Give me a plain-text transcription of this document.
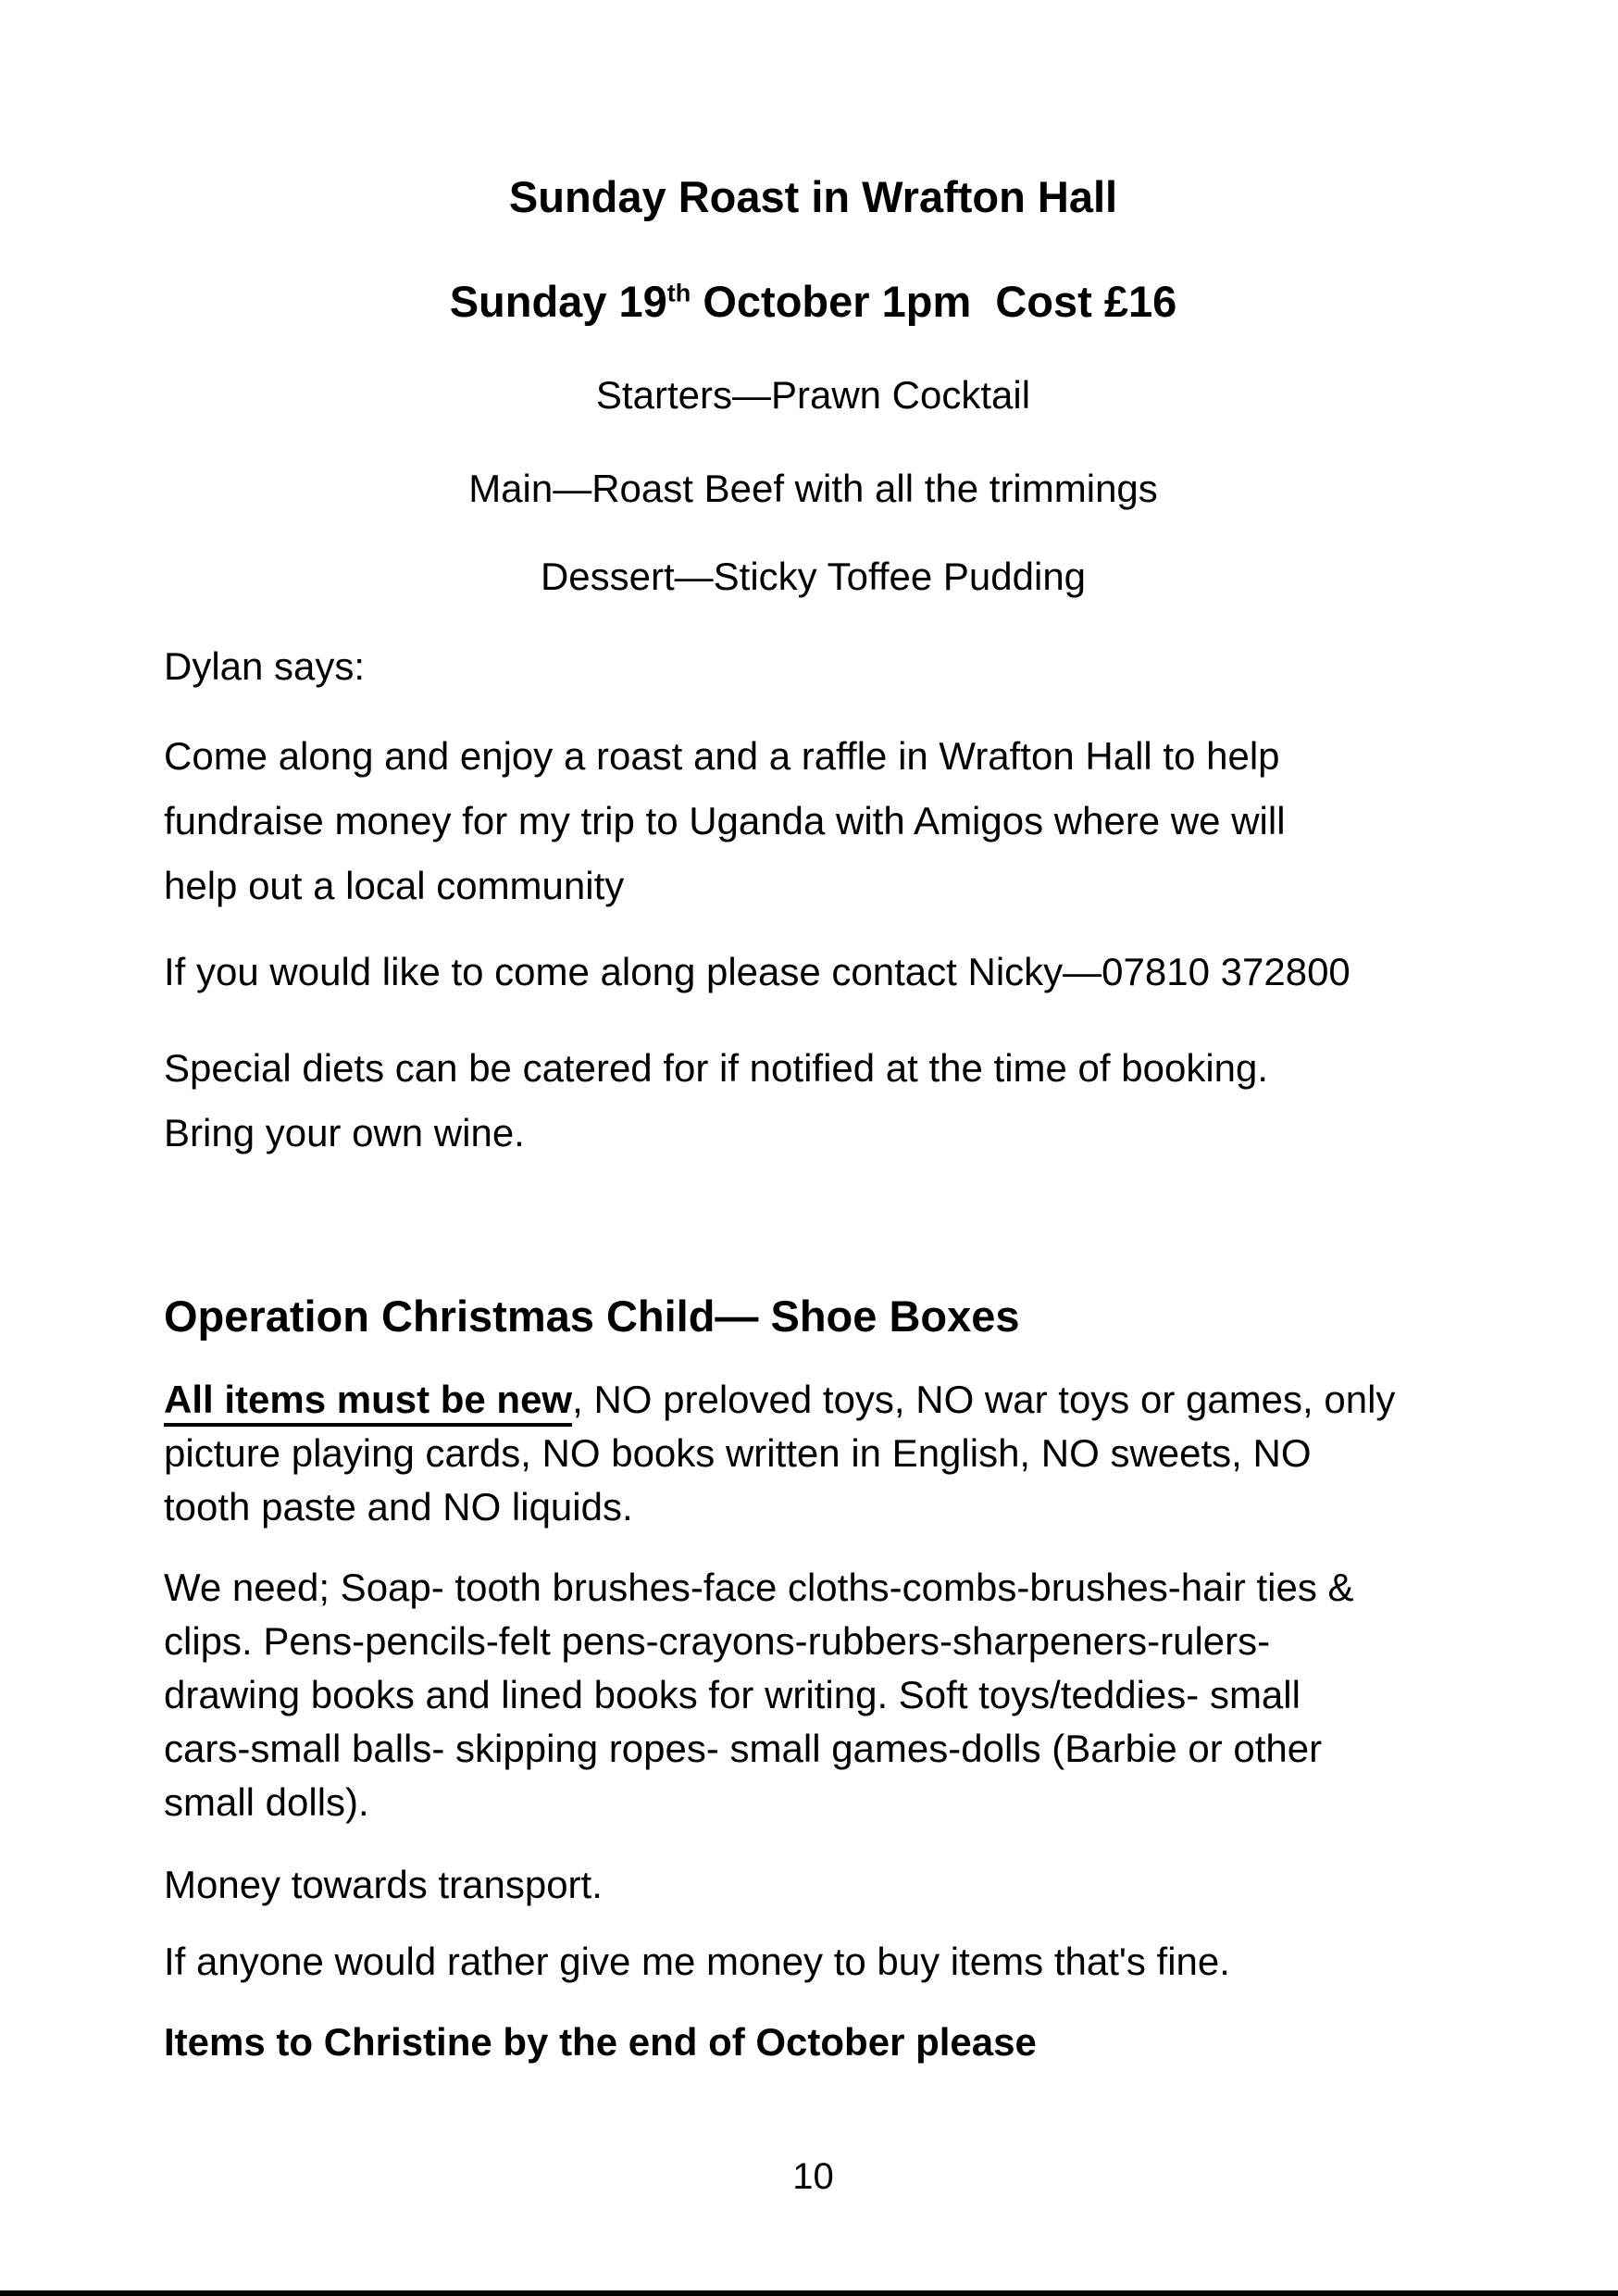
Sunday Roast in Wrafton Hall
Sunday 19th October 1pm  Cost £16
Starters—Prawn Cocktail
Main—Roast Beef with all the trimmings
Dessert—Sticky Toffee Pudding
Dylan says:
Come along and enjoy a roast and a raffle in Wrafton Hall to help
fundraise money for my trip to Uganda with Amigos where we will
help out a local community
If you would like to come along please contact Nicky—07810 372800
Special diets can be catered for if notified at the time of booking.
Bring your own wine.
Operation Christmas Child— Shoe Boxes
All items must be new, NO preloved toys, NO war toys or games, only
picture playing cards, NO books written in English, NO sweets, NO
tooth paste and NO liquids.
We need; Soap- tooth brushes-face cloths-combs-brushes-hair ties &
clips. Pens-pencils-felt pens-crayons-rubbers-sharpeners-rulers-
drawing books and lined books for writing. Soft toys/teddies- small
cars-small balls- skipping ropes- small games-dolls (Barbie or other
small dolls).
Money towards transport.
If anyone would rather give me money to buy items that's fine.
Items to Christine by the end of October please
10
